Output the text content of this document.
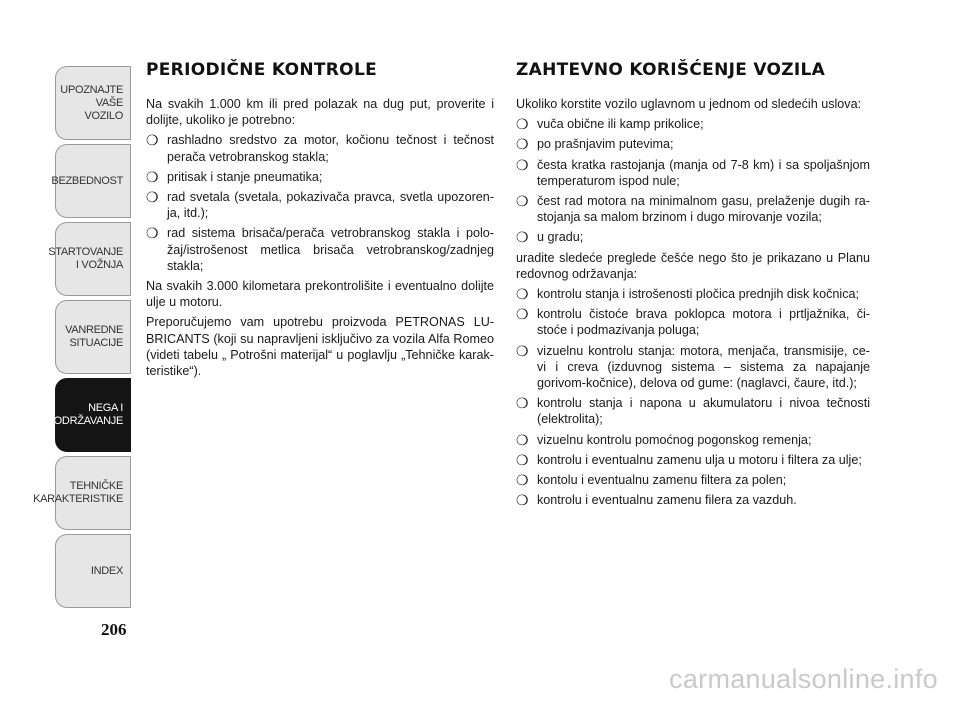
UPOZNAJTE
VAŠE VOZILO
BEZBEDNOST
STARTOVANJE
I VOŽNJA
VANREDNE
SITUACIJE
NEGA I
ODRŽAVANJE
TEHNIČKE
KARAKTERISTIKE
INDEX
206
PERIODIČNE KONTROLE

Na svakih 1.000 km ili pred polazak na dug put, proverite i dolijte, ukoliko je potrebno:

❍ rashladno sredstvo za motor, kočionu tečnost i tečnost perača vetrobranskog stakla;
❍ pritisak i stanje pneumatika;
❍ rad svetala (svetala, pokazivača pravca, svetla upozoren-ja, itd.);
❍ rad sistema brisača/perača vetrobranskog stakla i polo-žaj/istrošenost metlica brisača vetrobranskog/zadnjeg stakla;

Na svakih 3.000 kilometara prekontrolišite i eventualno dolijte ulje u motoru.

Preporučujemo vam upotrebu proizvoda PETRONAS LU-BRICANTS (koji su napravljeni isključivo za vozila Alfa Romeo (videti tabelu „ Potrošni materijal“ u poglavlju „Tehničke karak-teristike“).

ZAHTEVNO KORIŠĆENJE VOZILA

Ukoliko korstite vozilo uglavnom u jednom od sledećih uslova:

❍ vuča obične ili kamp prikolice;
❍ po prašnjavim putevima;
❍ česta kratka rastojanja (manja od 7-8 km) i sa spoljašnjom temperaturom ispod nule;
❍ čest rad motora na minimalnom gasu, prelaženje dugih ra-stojanja sa malom brzinom i dugo mirovanje vozila;
❍ u gradu;

uradite sledeće preglede češće nego što je prikazano u Planu redovnog održavanja:

❍ kontrolu stanja i istrošenosti pločica prednjih disk kočnica;
❍ kontrolu čistoće brava poklopca motora i prtljažnika, či-stoće i podmazivanja poluga;
❍ vizuelnu kontrolu stanja: motora, menjača, transmisije, ce-vi i creva (izduvnog sistema – sistema za napajanje gorivom-kočnice), delova od gume: (naglavci, čaure, itd.);
❍ kontrolu stanja i napona u akumulatoru i nivoa tečnosti (elektrolita);
❍ vizuelnu kontrolu pomoćnog pogonskog remenja;
❍ kontrolu i eventualnu zamenu ulja u motoru i filtera za ulje;
❍ kontolu i eventualnu zamenu filtera za polen;
❍ kontrolu i eventualnu zamenu filera za vazduh.
carmanualsonline.info
